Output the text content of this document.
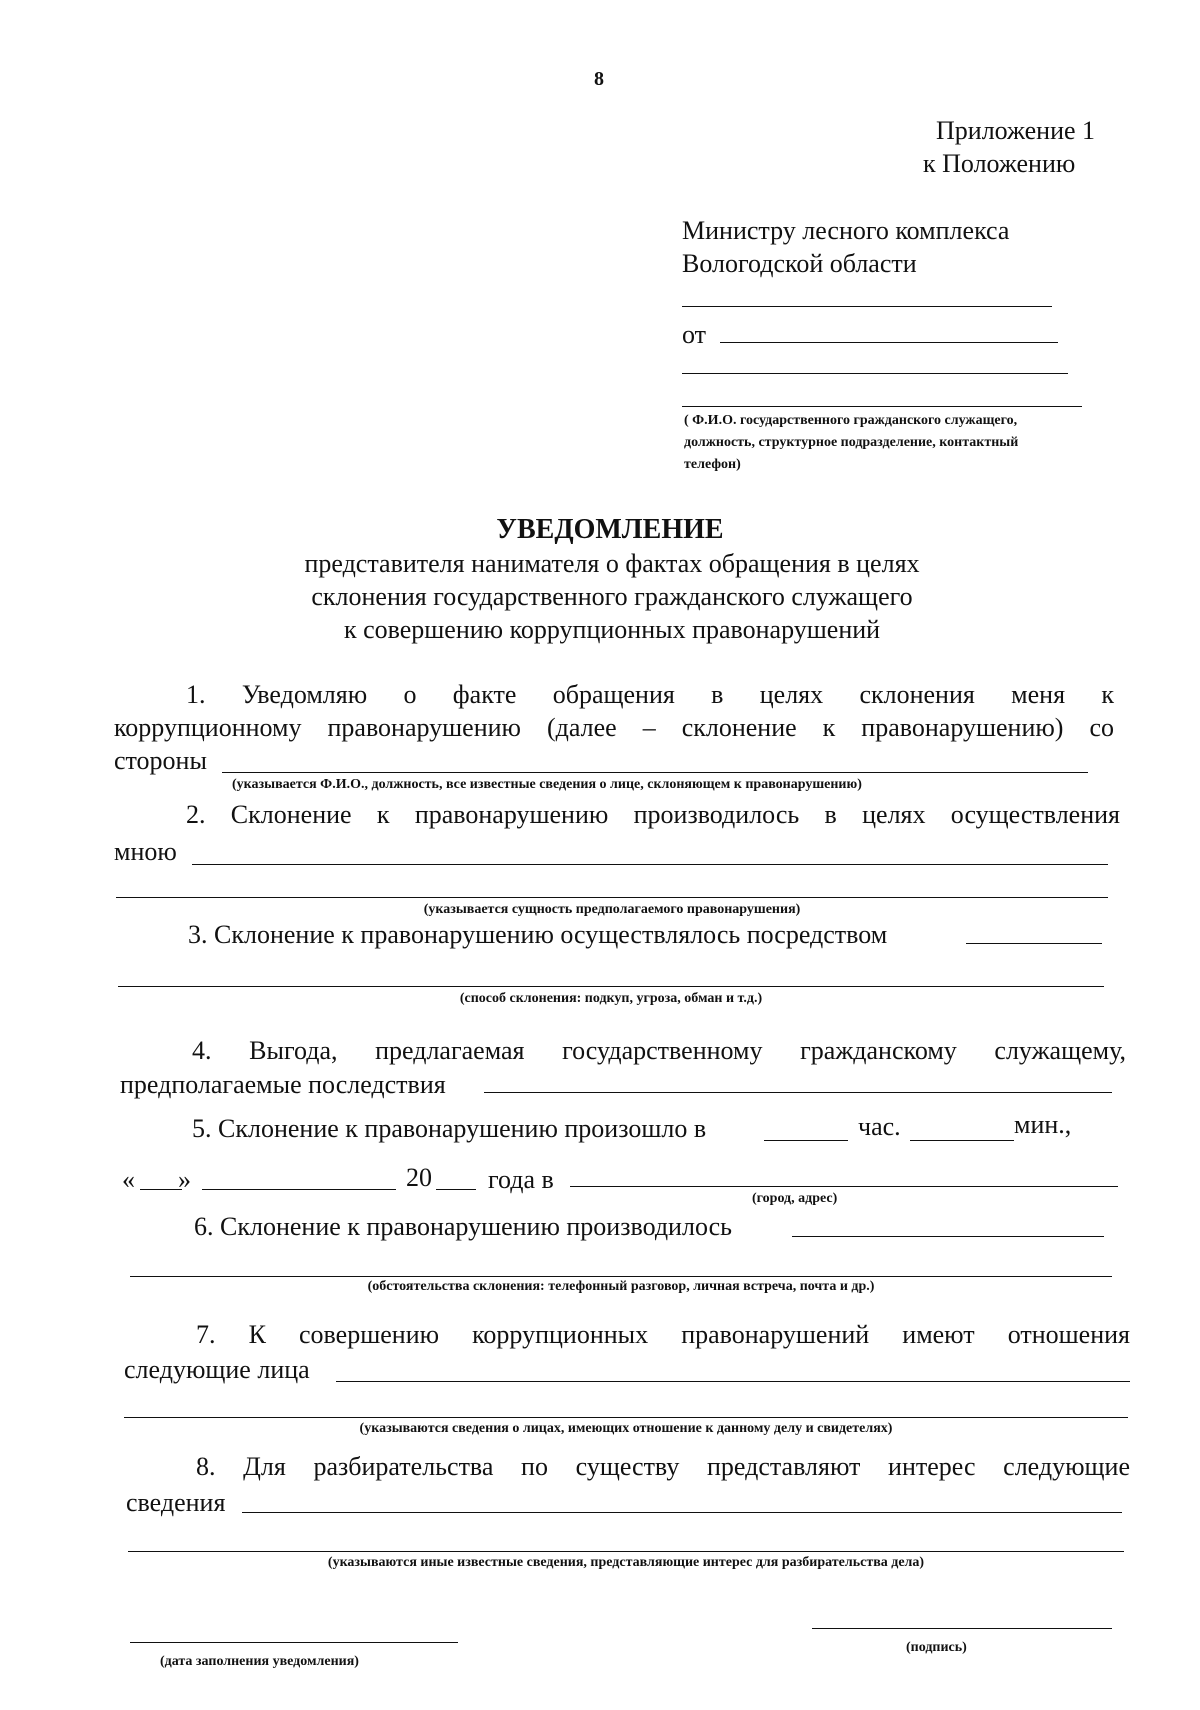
8
Приложение 1
к Положению
Министру лесного комплекса
Вологодской области
от
( Ф.И.О. государственного гражданского служащего,
должность, структурное подразделение, контактный
телефон)
УВЕДОМЛЕНИЕ
представителя нанимателя о фактах обращения в целях
склонения государственного гражданского служащего
к совершению коррупционных правонарушений
1. Уведомляю о факте обращения в целях склонения меня к
коррупционному правонарушению (далее – склонение к правонарушению) со
стороны
(указывается Ф.И.О., должность, все известные сведения о лице, склоняющем к правонарушению)
2. Склонение к правонарушению производилось в целях осуществления
мною
(указывается сущность предполагаемого правонарушения)
3. Склонение к правонарушению осуществлялось посредством
(способ склонения: подкуп, угроза, обман и т.д.)
4. Выгода, предлагаемая государственному гражданскому служащему,
предполагаемые последствия
5. Склонение к правонарушению произошло в	час.	мин.,
« »	20 года в
(город, адрес)
6. Склонение к правонарушению производилось
(обстоятельства склонения: телефонный разговор, личная встреча, почта и др.)
7. К совершению коррупционных правонарушений имеют отношения
следующие лица
(указываются сведения о лицах, имеющих отношение к данному делу и свидетелях)
8. Для разбирательства по существу представляют интерес следующие
сведения
(указываются иные известные сведения, представляющие интерес для разбирательства дела)
(дата заполнения уведомления)
(подпись)
